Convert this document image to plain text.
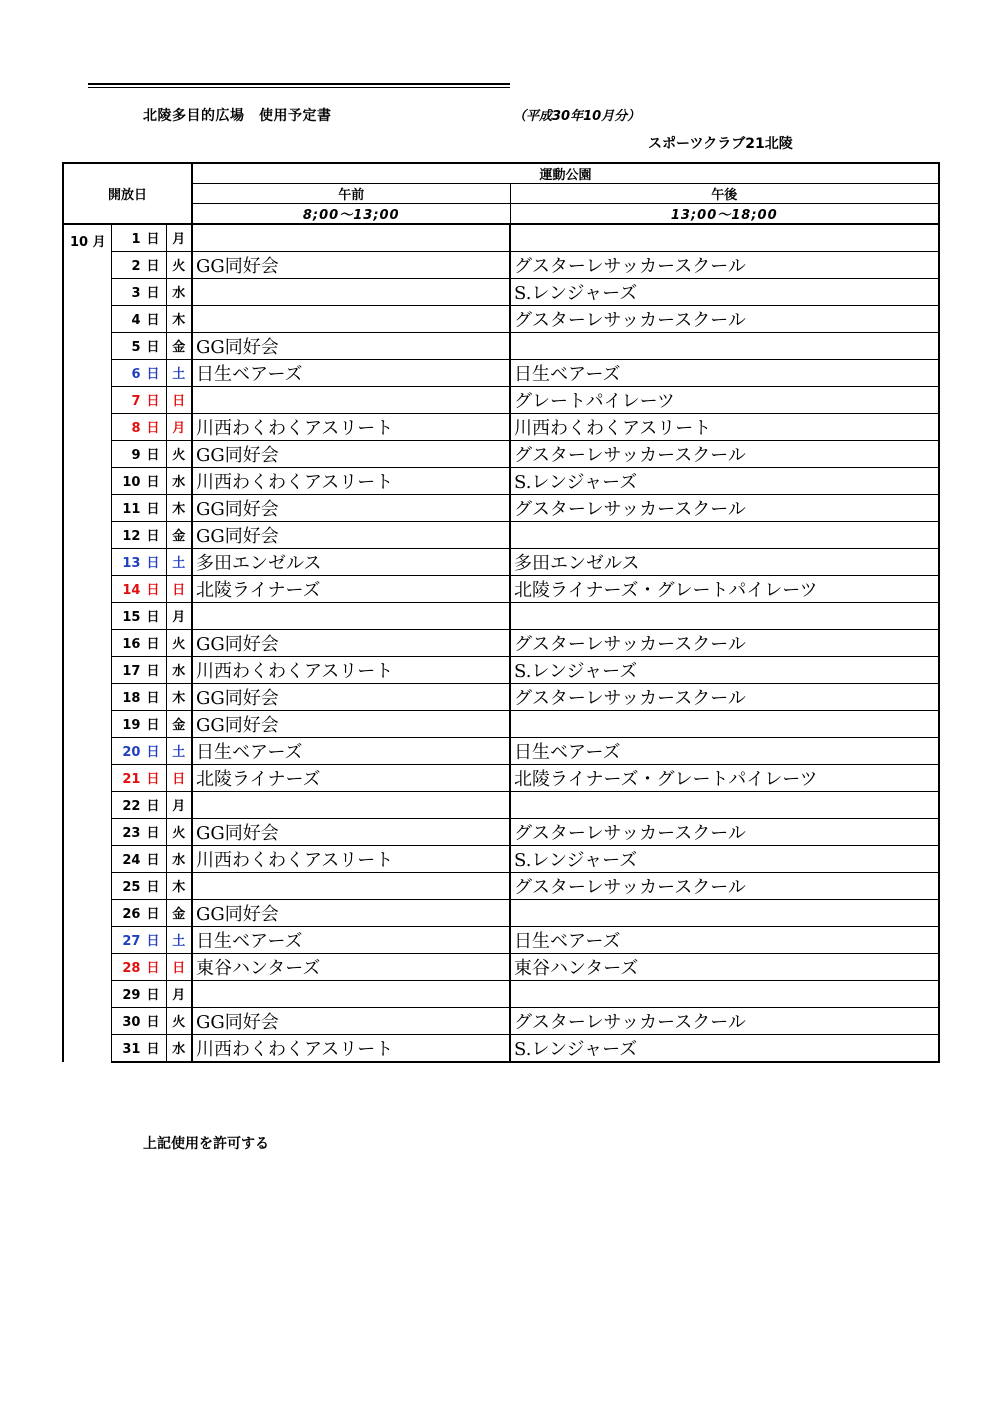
北陵多目的広場　使用予定書	（平成30年10月分）
スポーツクラブ21北陵
開放日			運動公園	
			午前	午後
			8;00～13;00	13;00～18;00
10 月	1 日	月		
	2 日	火	GG同好会	グスターレサッカースクール
	3 日	水		S.レンジャーズ
	4 日	木		グスターレサッカースクール
	5 日	金	GG同好会	
	6 日	土	日生ベアーズ	日生ベアーズ
	7 日	日		グレートパイレーツ
	8 日	月	川西わくわくアスリート	川西わくわくアスリート
	9 日	火	GG同好会	グスターレサッカースクール
	10 日	水	川西わくわくアスリート	S.レンジャーズ
	11 日	木	GG同好会	グスターレサッカースクール
	12 日	金	GG同好会	
	13 日	土	多田エンゼルス	多田エンゼルス
	14 日	日	北陵ライナーズ	北陵ライナーズ・グレートパイレーツ
	15 日	月		
	16 日	火	GG同好会	グスターレサッカースクール
	17 日	水	川西わくわくアスリート	S.レンジャーズ
	18 日	木	GG同好会	グスターレサッカースクール
	19 日	金	GG同好会	
	20 日	土	日生ベアーズ	日生ベアーズ
	21 日	日	北陵ライナーズ	北陵ライナーズ・グレートパイレーツ
	22 日	月		
	23 日	火	GG同好会	グスターレサッカースクール
	24 日	水	川西わくわくアスリート	S.レンジャーズ
	25 日	木		グスターレサッカースクール
	26 日	金	GG同好会	
	27 日	土	日生ベアーズ	日生ベアーズ
	28 日	日	東谷ハンターズ	東谷ハンターズ
	29 日	月		
	30 日	火	GG同好会	グスターレサッカースクール
	31 日	水	川西わくわくアスリート	S.レンジャーズ
上記使用を許可する
